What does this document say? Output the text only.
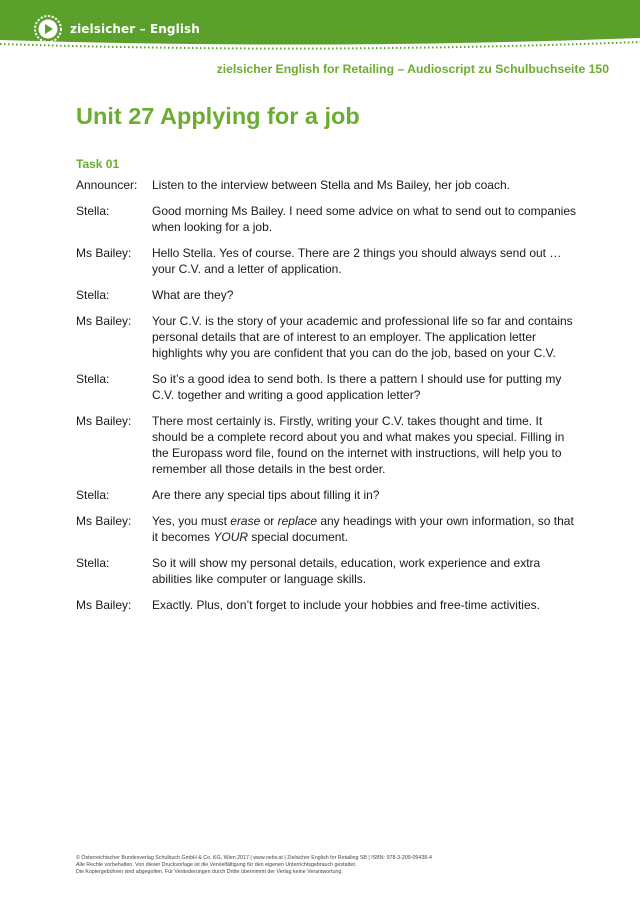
zielsicher – English
zielsicher English for Retailing – Audioscript zu Schulbuchseite 150
Unit 27 Applying for a job
Task 01
Announcer:	Listen to the interview between Stella and Ms Bailey, her job coach.
Stella:	Good morning Ms Bailey. I need some advice on what to send out to companies when looking for a job.
Ms Bailey:	Hello Stella. Yes of course. There are 2 things you should always send out … your C.V. and a letter of application.
Stella:	What are they?
Ms Bailey:	Your C.V. is the story of your academic and professional life so far and contains personal details that are of interest to an employer. The application letter highlights why you are confident that you can do the job, based on your C.V.
Stella:	So it’s a good idea to send both. Is there a pattern I should use for putting my C.V. together and writing a good application letter?
Ms Bailey:	There most certainly is. Firstly, writing your C.V. takes thought and time. It should be a complete record about you and what makes you special. Filling in the Europass word file, found on the internet with instructions, will help you to remember all those details in the best order.
Stella:	Are there any special tips about filling it in?
Ms Bailey:	Yes, you must erase or replace any headings with your own information, so that it becomes YOUR special document.
Stella:	So it will show my personal details, education, work experience and extra abilities like computer or language skills.
Ms Bailey:	Exactly. Plus, don’t forget to include your hobbies and free-time activities.
© Österreichischer Bundesverlag Schulbuch GmbH & Co. KG, Wien 2017 | www.oebv.at | Zielsicher English for Retailing SB | ISBN: 978-3-209-09438-4
Alle Rechte vorbehalten. Von dieser Druckvorlage ist die Vervielfältigung für den eigenen Unterrichtsgebrauch gestattet.
Die Kopiergebühren sind abgegolten. Für Veränderungen durch Dritte übernimmt der Verlag keine Verantwortung.
